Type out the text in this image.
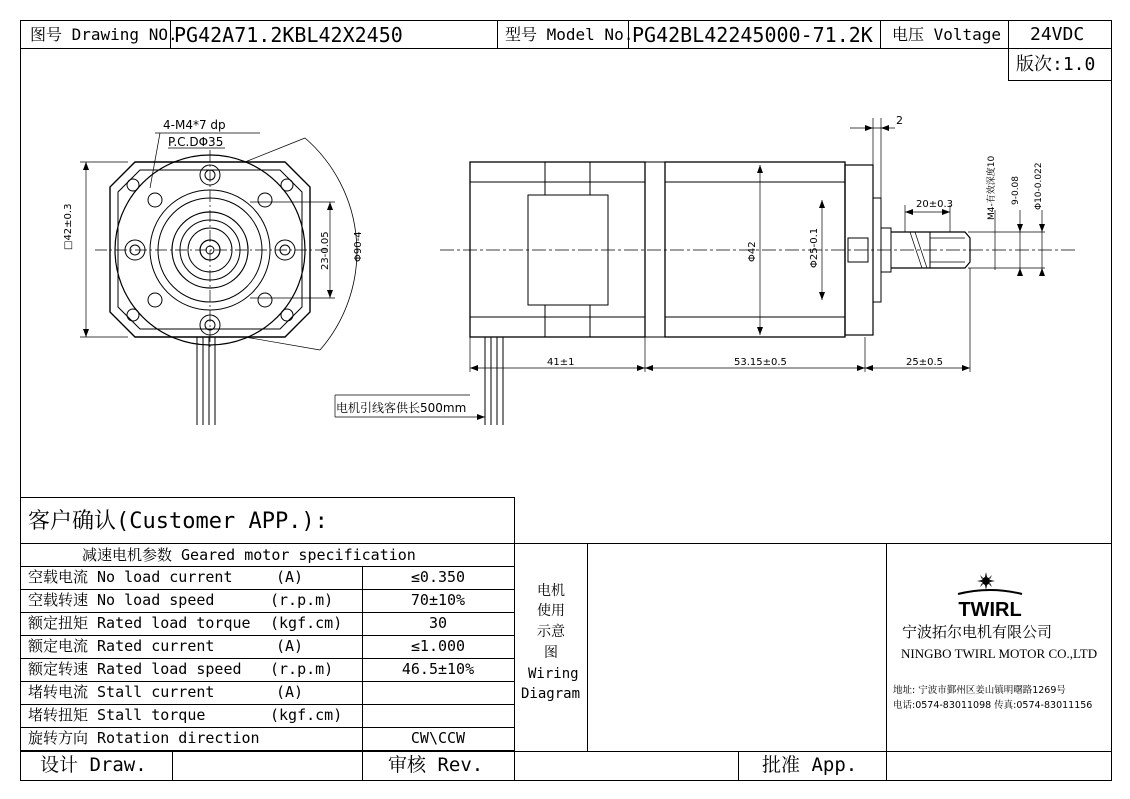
图号 Drawing NO.
PG42A71.2KBL42X2450	型号 Model No.
PG42BL42245000-71.2K 电压 Voltage 24VDC
版次:1.0
4-M4*7 dp
P.C.DΦ35
□42±0.3
23-0.05 Φ90-4
2
20±0.3	M4-有效深度10 9-0.08 Φ10-0.022
Φ42	Φ25-0.1
41±1	53.15±0.5	25±0.5
电机引线客供长500mm
客户确认(Customer APP.):
减速电机参数 Geared motor specification
空载电流 No load current	(A)	≤0.350
空载转速 No load speed	(r.p.m)	70±10%
额定扭矩 Rated load torque (kgf.cm)	30
额定电流 Rated current	(A)	≤1.000
额定转速 Rated load speed (r.p.m)	46.5±10%
堵转电流 Stall current	(A)
堵转扭矩 Stall torque	(kgf.cm)
旋转方向 Rotation direction	CW\CCW
电机
使用
示意
图
Wiring
Diagram
TWIRL
宁波拓尔电机有限公司
NINGBO TWIRL MOTOR CO.,LTD
地址: 宁波市鄞州区姜山镇明曙路1269号
电话:0574-83011098 传真:0574-83011156
设计 Draw.	审核 Rev.	批准 App.
